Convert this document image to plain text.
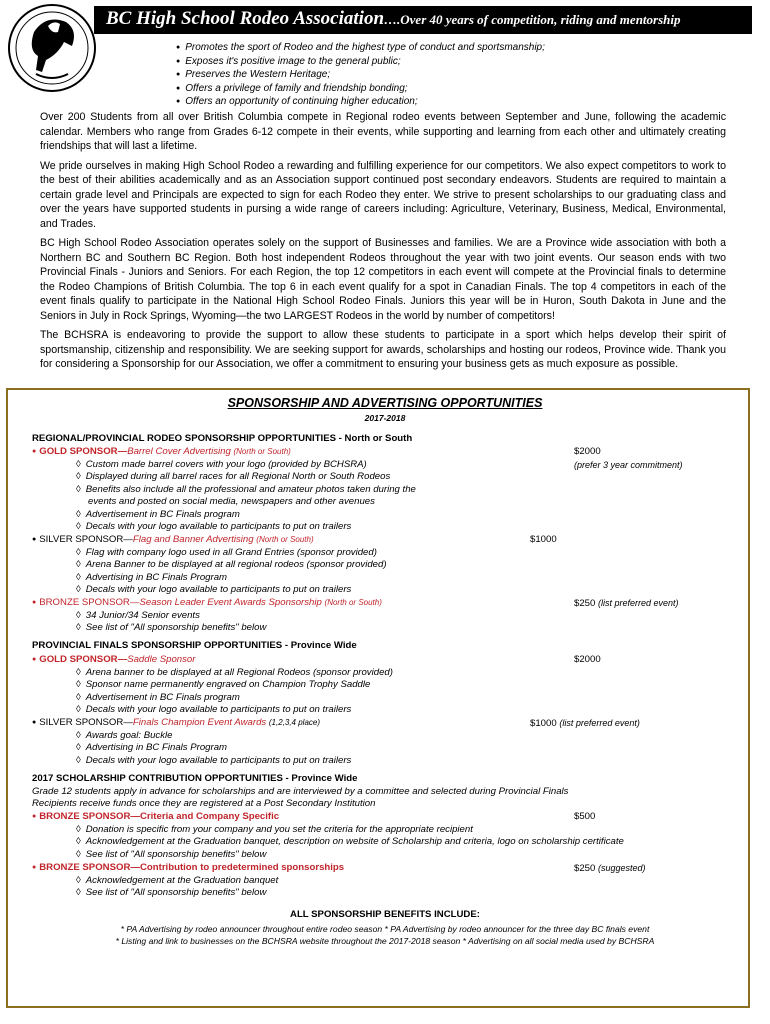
BC High School Rodeo Association….Over 40 years of competition, riding and mentorship
● Promotes the sport of Rodeo and the highest type of conduct and sportsmanship;
● Exposes it's positive image to the general public;
● Preserves the Western Heritage;
● Offers a privilege of family and friendship bonding;
● Offers an opportunity of continuing higher education;

Over 200 Students from all over British Columbia compete in Regional rodeo events between September and June, following the academic calendar. Members who range from Grades 6-12 compete in their events, while supporting and learning from each other and ultimately creating friendships that will last a lifetime.

We pride ourselves in making High School Rodeo a rewarding and fulfilling experience for our competitors. We also expect competitors to work to the best of their abilities academically and as an Association support continued post secondary endeavors. Students are required to maintain a certain grade level and Principals are expected to sign for each Rodeo they enter. We strive to present scholarships to our graduating class and over the years have supported students in pursing a wide range of careers including: Agriculture, Veterinary, Business, Medical, Environmental, and Trades.

BC High School Rodeo Association operates solely on the support of Businesses and families. We are a Province wide association with both a Northern BC and Southern BC Region. Both host independent Rodeos throughout the year with two joint events. Our season ends with two Provincial Finals - Juniors and Seniors. For each Region, the top 12 competitors in each event will compete at the Provincial finals to determine the Rodeo Champions of British Columbia. The top 6 in each event qualify for a spot in Canadian Finals. The top 4 competitors in each of the event finals qualify to participate in the National High School Rodeo Finals. Juniors this year will be in Huron, South Dakota in June and the Seniors in July in Rock Springs, Wyoming—the two LARGEST Rodeos in the world by number of competitors!

The BCHSRA is endeavoring to provide the support to allow these students to participate in a sport which helps develop their spirit of sportsmanship, citizenship and responsibility. We are seeking support for awards, scholarships and hosting our rodeos, Province wide. Thank you for considering a Sponsorship for our Association, we offer a commitment to ensuring your business gets as much exposure as possible.

SPONSORSHIP AND ADVERTISING OPPORTUNITIES
2017-2018
REGIONAL/PROVINCIAL RODEO SPONSORSHIP OPPORTUNITIES - North or South
● GOLD SPONSOR—Barrel Cover Advertising (North or South)	$2000
(prefer 3 year commitment)
◊ Custom made barrel covers with your logo (provided by BCHSRA)
◊ Displayed during all barrel races for all Regional North or South Rodeos
◊ Benefits also include all the professional and amateur photos taken during the
events and posted on social media, newspapers and other avenues
◊ Advertisement in BC Finals program
◊ Decals with your logo available to participants to put on trailers
● SILVER SPONSOR—Flag and Banner Advertising (North or South)	$1000
◊ Flag with company logo used in all Grand Entries (sponsor provided)
◊ Arena Banner to be displayed at all regional rodeos (sponsor provided)
◊ Advertising in BC Finals Program
◊ Decals with your logo available to participants to put on trailers
● BRONZE SPONSOR—Season Leader Event Awards Sponsorship (North or South)	$250 (list preferred event)
◊ 34 Junior/34 Senior events
◊ See list of "All sponsorship benefits" below
PROVINCIAL FINALS SPONSORSHIP OPPORTUNITIES - Province Wide
● GOLD SPONSOR—Saddle Sponsor	$2000
◊ Arena banner to be displayed at all Regional Rodeos (sponsor provided)
◊ Sponsor name permanently engraved on Champion Trophy Saddle
◊ Advertisement in BC Finals program
◊ Decals with your logo available to participants to put on trailers
● SILVER SPONSOR—Finals Champion Event Awards (1,2,3,4 place)	$1000 (list preferred event)
◊ Awards goal: Buckle
◊ Advertising in BC Finals Program
◊ Decals with your logo available to participants to put on trailers
2017 SCHOLARSHIP CONTRIBUTION OPPORTUNITIES - Province Wide
Grade 12 students apply in advance for scholarships and are interviewed by a committee and selected during Provincial Finals
Recipients receive funds once they are registered at a Post Secondary Institution
● BRONZE SPONSOR—Criteria and Company Specific	$500
◊ Donation is specific from your company and you set the criteria for the appropriate recipient
◊ Acknowledgement at the Graduation banquet, description on website of Scholarship and criteria, logo on scholarship certificate
◊ See list of "All sponsorship benefits" below
● BRONZE SPONSOR—Contribution to predetermined sponsorships	$250 (suggested)
◊ Acknowledgement at the Graduation banquet
◊ See list of "All sponsorship benefits" below
ALL SPONSORSHIP BENEFITS INCLUDE:
* PA Advertising by rodeo announcer throughout entire rodeo season * PA Advertising by rodeo announcer for the three day BC finals event
* Listing and link to businesses on the BCHSRA website throughout the 2017-2018 season * Advertising on all social media used by BCHSRA
